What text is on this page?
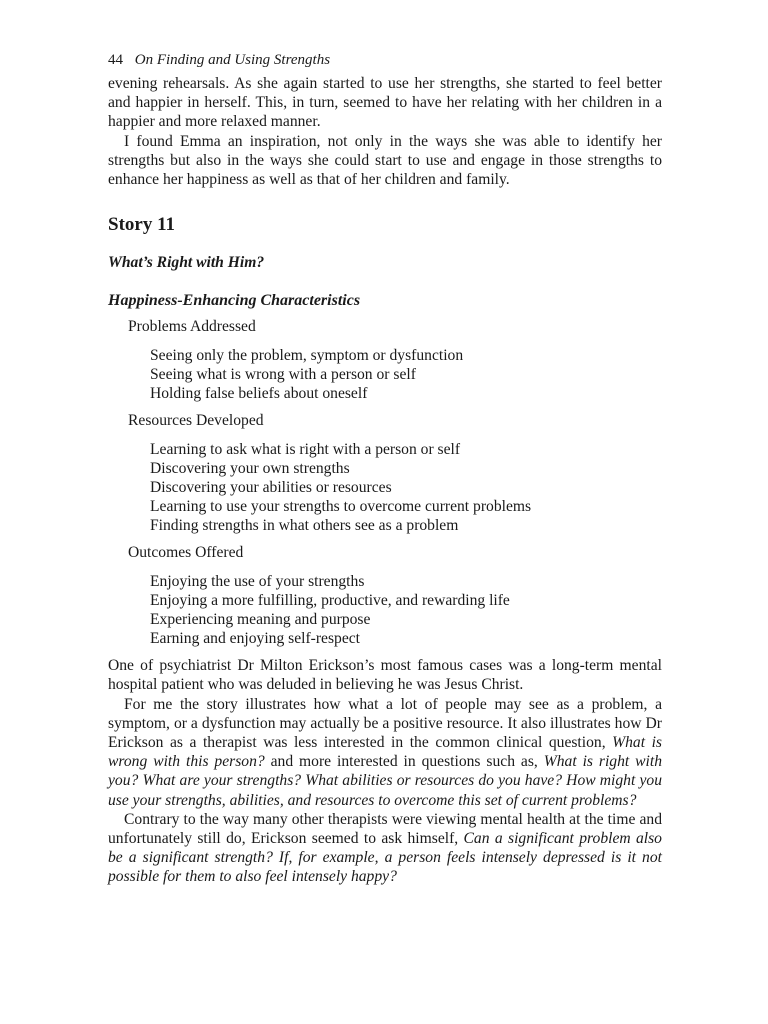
44 On Finding and Using Strengths

evening rehearsals. As she again started to use her strengths, she started to feel better and happier in herself. This, in turn, seemed to have her relating with her children in a happier and more relaxed manner.

I found Emma an inspiration, not only in the ways she was able to identify her strengths but also in the ways she could start to use and engage in those strengths to enhance her happiness as well as that of her children and family.

Story 11
What’s Right with Him?
Happiness-Enhancing Characteristics
Problems Addressed
Seeing only the problem, symptom or dysfunction
Seeing what is wrong with a person or self
Holding false beliefs about oneself
Resources Developed
Learning to ask what is right with a person or self
Discovering your own strengths
Discovering your abilities or resources
Learning to use your strengths to overcome current problems
Finding strengths in what others see as a problem
Outcomes Offered
Enjoying the use of your strengths
Enjoying a more fulfilling, productive, and rewarding life
Experiencing meaning and purpose
Earning and enjoying self-respect

One of psychiatrist Dr Milton Erickson’s most famous cases was a long-term mental hospital patient who was deluded in believing he was Jesus Christ.

For me the story illustrates how what a lot of people may see as a problem, a symptom, or a dysfunction may actually be a positive resource. It also illustrates how Dr Erickson as a therapist was less interested in the common clinical question, What is wrong with this person? and more interested in questions such as, What is right with you? What are your strengths? What abilities or resources do you have? How might you use your strengths, abilities, and resources to overcome this set of current problems?

Contrary to the way many other therapists were viewing mental health at the time and unfortunately still do, Erickson seemed to ask himself, Can a significant problem also be a significant strength? If, for example, a person feels intensely depressed is it not possible for them to also feel intensely happy?
